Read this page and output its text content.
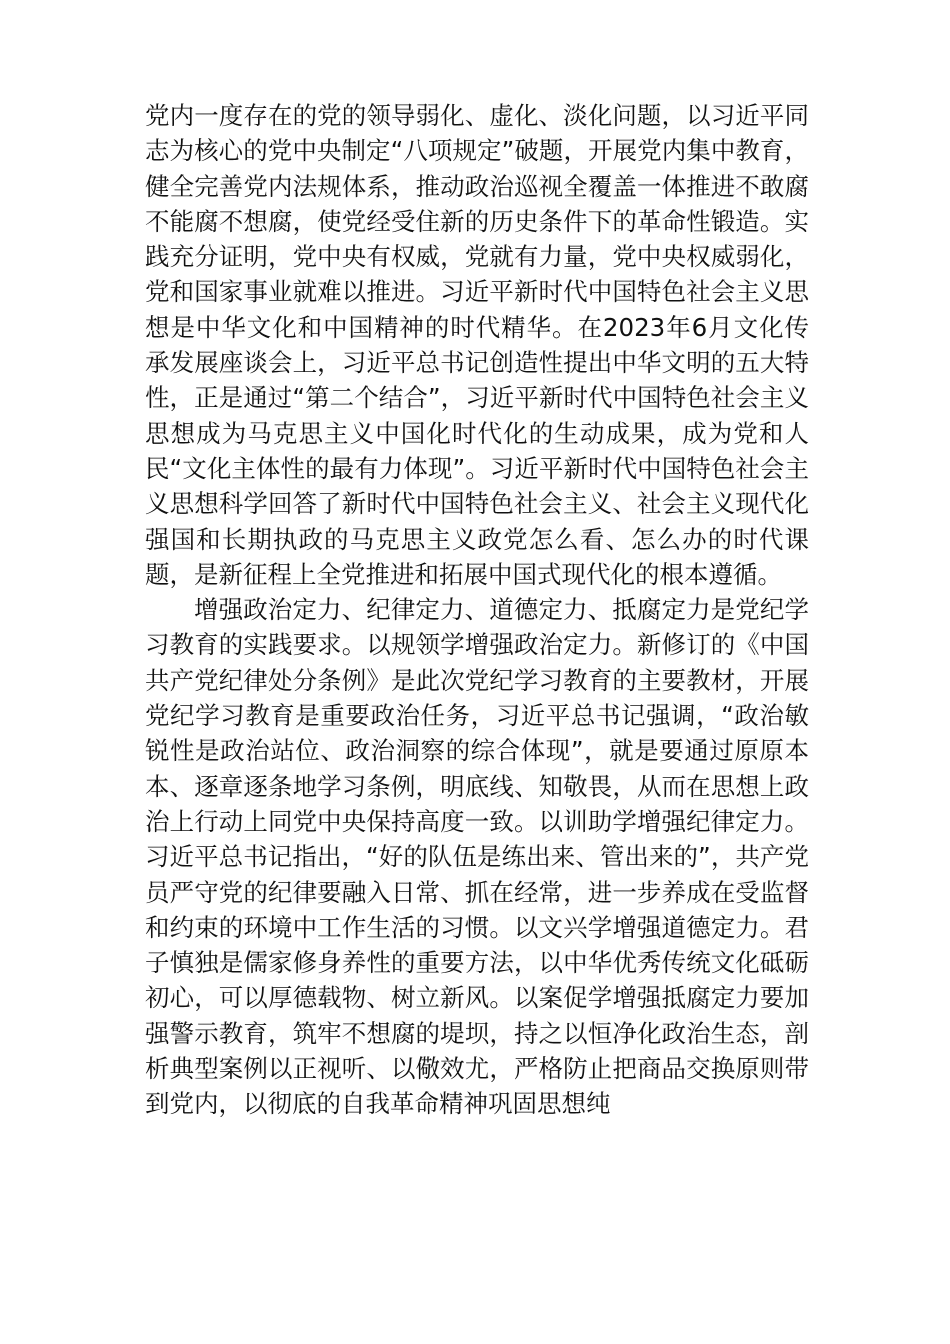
党内一度存在的党的领导弱化、虚化、淡化问题，以习近平同志为核心的党中央制定“八项规定”破题，开展党内集中教育，健全完善党内法规体系，推动政治巡视全覆盖一体推进不敢腐不能腐不想腐，使党经受住新的历史条件下的革命性锻造。实践充分证明，党中央有权威，党就有力量，党中央权威弱化，党和国家事业就难以推进。习近平新时代中国特色社会主义思想是中华文化和中国精神的时代精华。在2023年6月文化传承发展座谈会上，习近平总书记创造性提出中华文明的五大特性，正是通过“第二个结合”，习近平新时代中国特色社会主义思想成为马克思主义中国化时代化的生动成果，成为党和人民“文化主体性的最有力体现”。习近平新时代中国特色社会主义思想科学回答了新时代中国特色社会主义、社会主义现代化强国和长期执政的马克思主义政党怎么看、怎么办的时代课题，是新征程上全党推进和拓展中国式现代化的根本遵循。

增强政治定力、纪律定力、道德定力、抵腐定力是党纪学习教育的实践要求。以规领学增强政治定力。新修订的《中国共产党纪律处分条例》是此次党纪学习教育的主要教材，开展党纪学习教育是重要政治任务，习近平总书记强调，“政治敏锐性是政治站位、政治洞察的综合体现”，就是要通过原原本本、逐章逐条地学习条例，明底线、知敬畏，从而在思想上政治上行动上同党中央保持高度一致。以训助学增强纪律定力。习近平总书记指出，“好的队伍是练出来、管出来的”，共产党员严守党的纪律要融入日常、抓在经常，进一步养成在受监督和约束的环境中工作生活的习惯。以文兴学增强道德定力。君子慎独是儒家修身养性的重要方法，以中华优秀传统文化砥砺初心，可以厚德载物、树立新风。以案促学增强抵腐定力要加强警示教育，筑牢不想腐的堤坝，持之以恒净化政治生态，剖析典型案例以正视听、以儆效尤，严格防止把商品交换原则带到党内，以彻底的自我革命精神巩固思想纯
